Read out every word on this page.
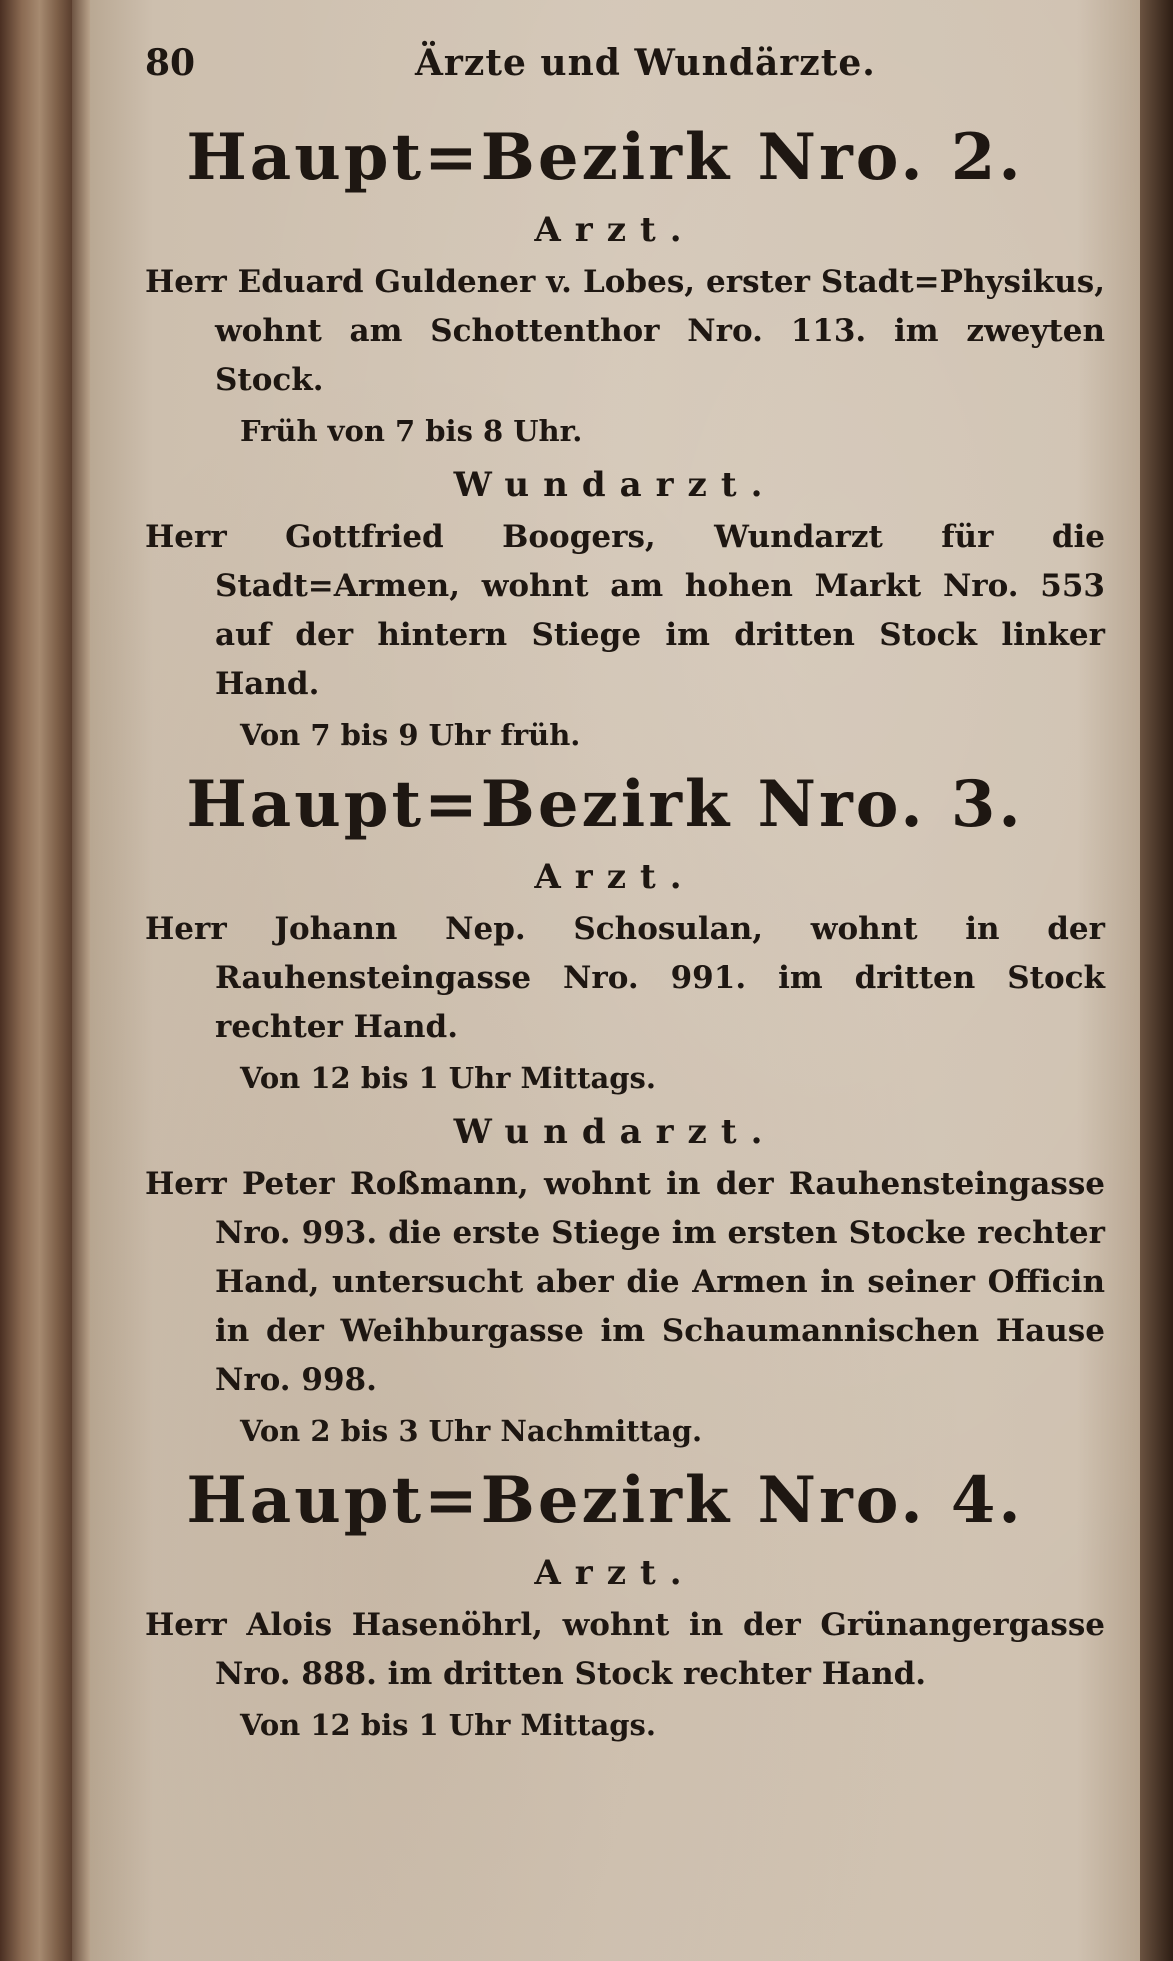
80	Ärzte und Wundärzte.
Haupt=Bezirk Nro. 2.
Arzt.

Herr Eduard Guldener v. Lobes, erster Stadt=Physikus, wohnt am Schottenthor Nro. 113. im zweyten Stock.

Früh von 7 bis 8 Uhr.

Wundarzt.

Herr Gottfried Boogers, Wundarzt für die Stadt=Armen, wohnt am hohen Markt Nro. 553 auf der hintern Stiege im dritten Stock linker Hand.

Von 7 bis 9 Uhr früh.

Haupt=Bezirk Nro. 3.
Arzt.

Herr Johann Nep. Schosulan, wohnt in der Rauhensteingasse Nro. 991. im dritten Stock rechter Hand.

Von 12 bis 1 Uhr Mittags.

Wundarzt.

Herr Peter Roßmann, wohnt in der Rauhensteingasse Nro. 993. die erste Stiege im ersten Stocke rechter Hand, untersucht aber die Armen in seiner Officin in der Weihburgasse im Schaumannischen Hause Nro. 998.

Von 2 bis 3 Uhr Nachmittag.

Haupt=Bezirk Nro. 4.
Arzt.

Herr Alois Hasenöhrl, wohnt in der Grünangergasse Nro. 888. im dritten Stock rechter Hand.

Von 12 bis 1 Uhr Mittags.
